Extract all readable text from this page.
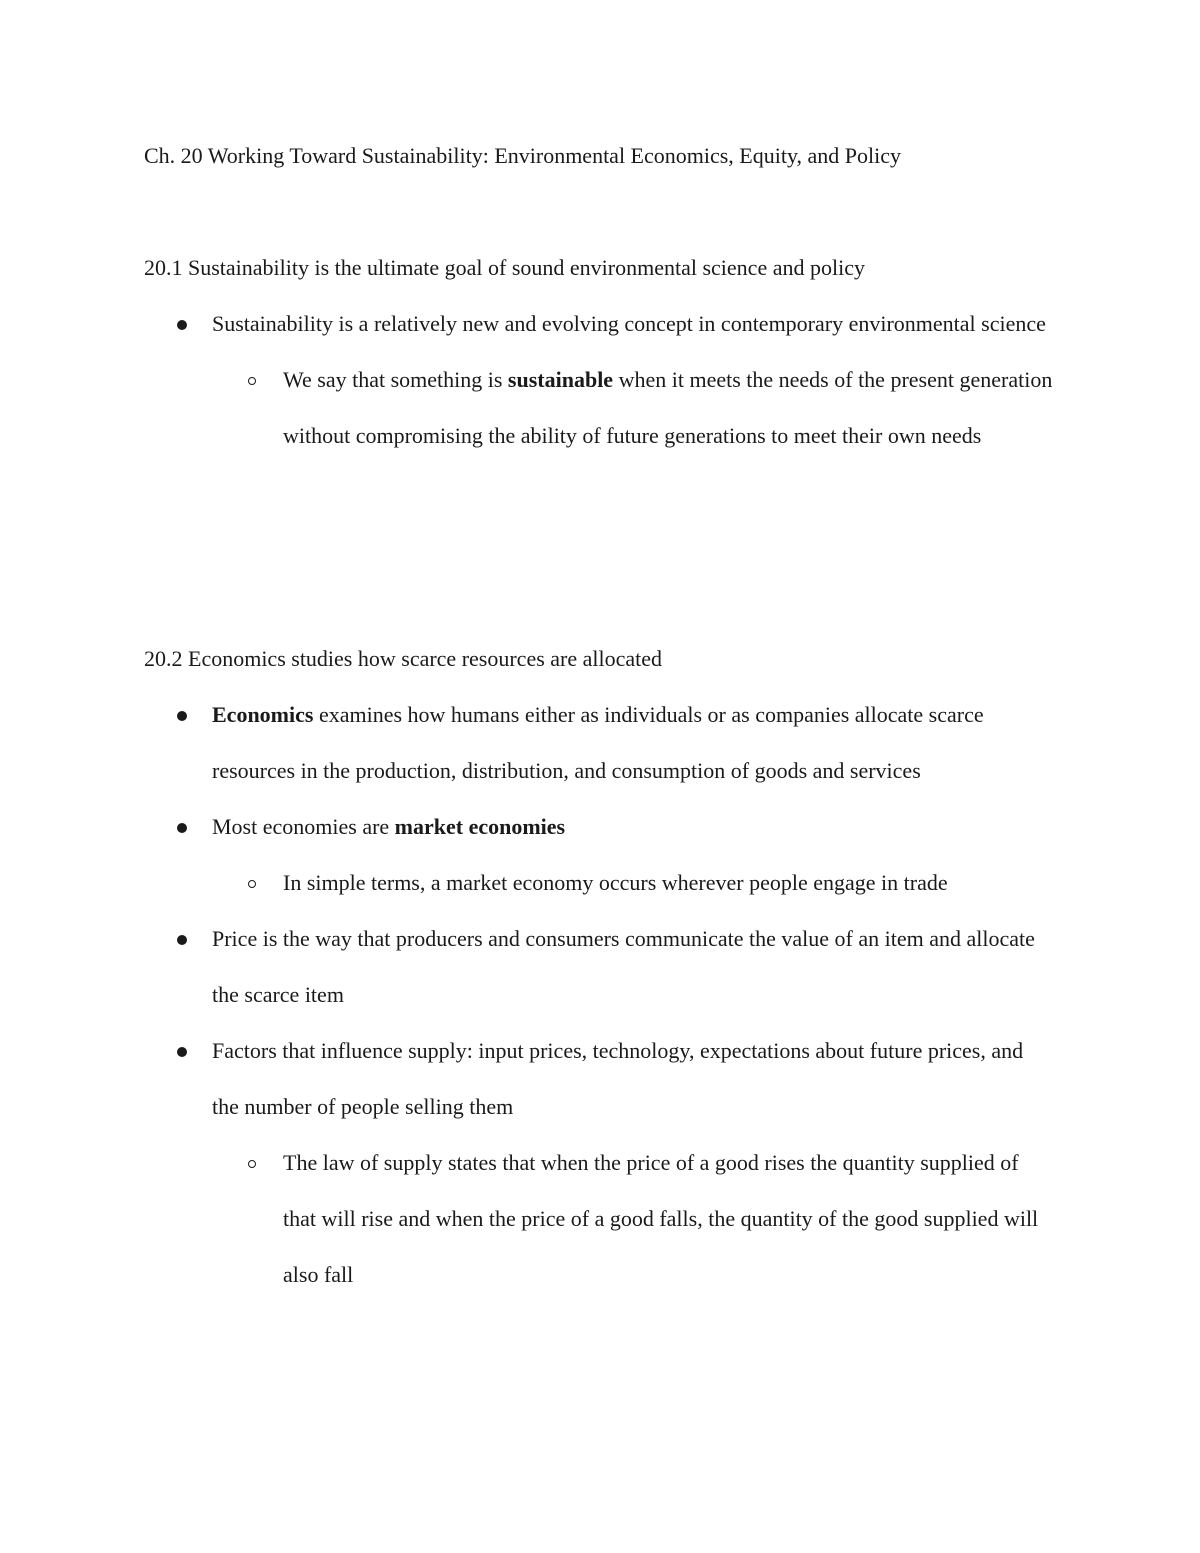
Ch. 20 Working Toward Sustainability: Environmental Economics, Equity, and Policy
20.1 Sustainability is the ultimate goal of sound environmental science and policy
Sustainability is a relatively new and evolving concept in contemporary environmental science
We say that something is sustainable when it meets the needs of the present generation without compromising the ability of future generations to meet their own needs
20.2 Economics studies how scarce resources are allocated
Economics examines how humans either as individuals or as companies allocate scarce resources in the production, distribution, and consumption of goods and services
Most economies are market economies
In simple terms, a market economy occurs wherever people engage in trade
Price is the way that producers and consumers communicate the value of an item and allocate the scarce item
Factors that influence supply: input prices, technology, expectations about future prices, and the number of people selling them
The law of supply states that when the price of a good rises the quantity supplied of that will rise and when the price of a good falls, the quantity of the good supplied will also fall
